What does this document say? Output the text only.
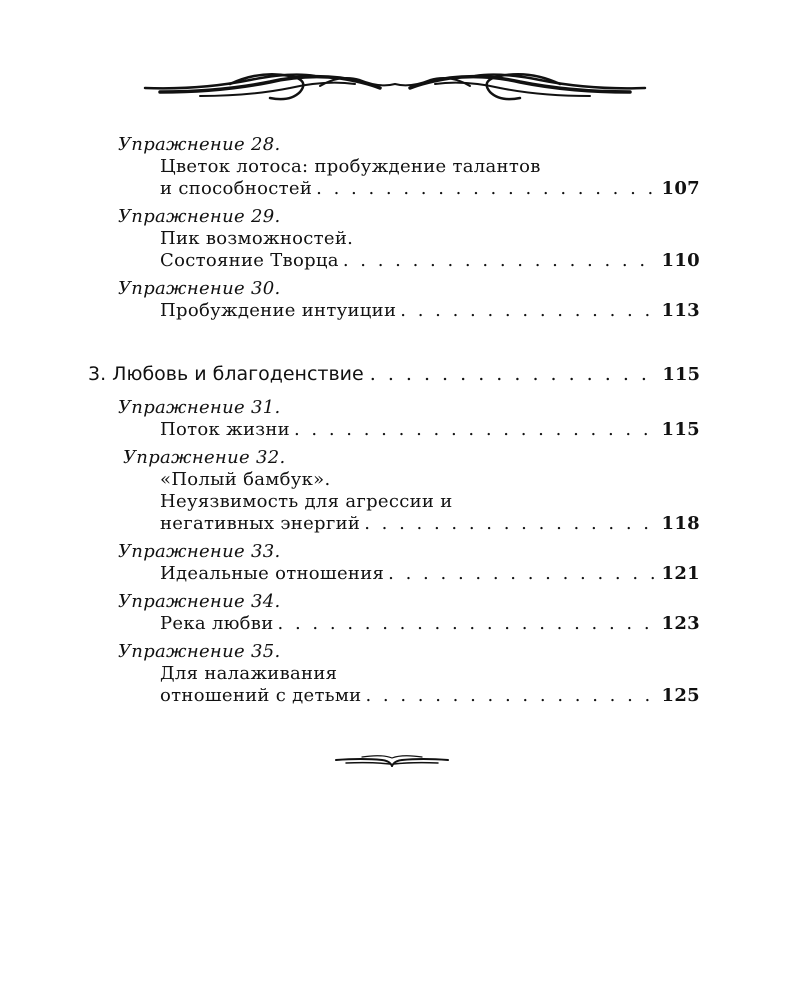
Упражнение 28.
Цветок лотоса: пробуждение талантов
и способностей . . .	107
Упражнение 29.
Пик возможностей.
Состояние Творца . . .	110
Упражнение 30.
Пробуждение интуиции . . .	113
3. Любовь и благоденствие . . .	115
Упражнение 31.
Поток жизни . . .	115
Упражнение 32.
«Полый бамбук».
Неуязвимость для агрессии и
негативных энергий . . .	118
Упражнение 33.
Идеальные отношения . . .	121
Упражнение 34.
Река любви . . .	123
Упражнение 35.
Для налаживания
отношений с детьми . . .	125
